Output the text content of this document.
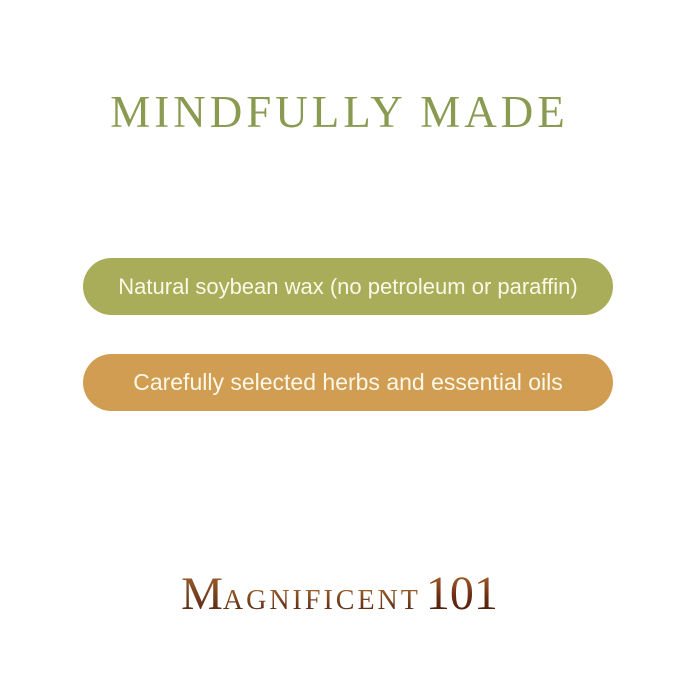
MINDFULLY MADE
Natural soybean wax (no petroleum or paraffin)
Carefully selected herbs and essential oils
MAGNIFICENT 101
